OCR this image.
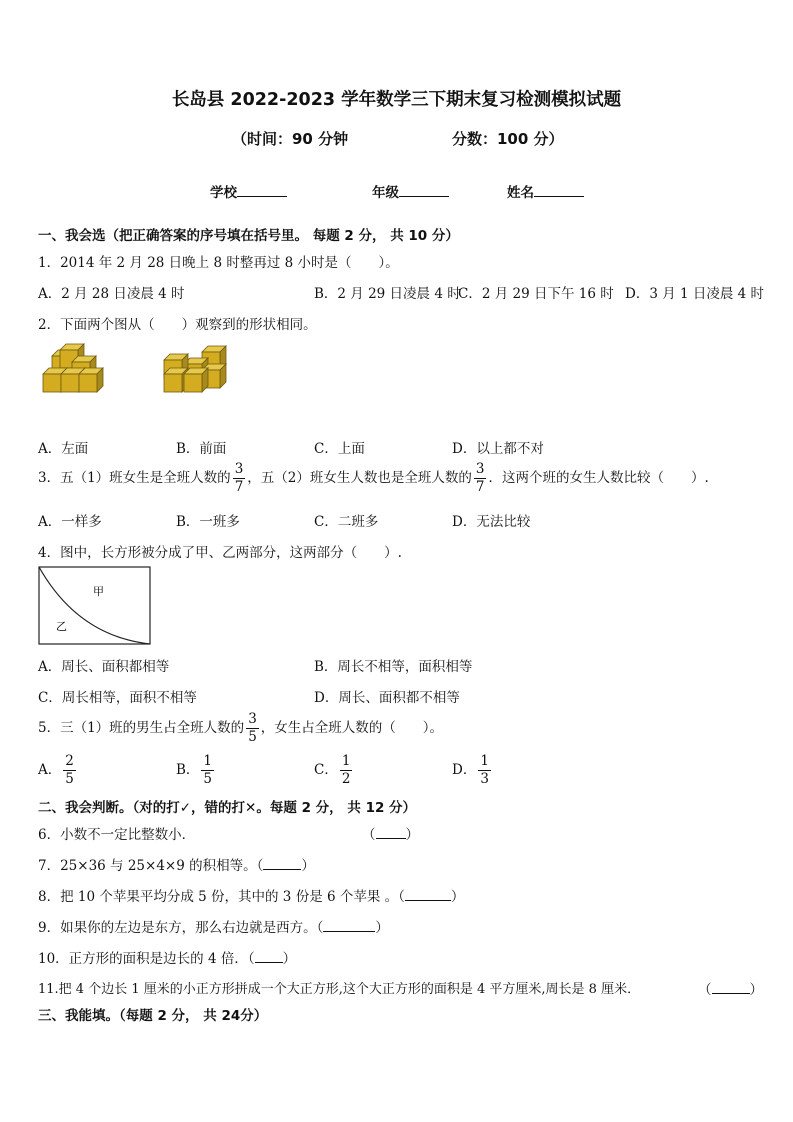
长岛县 2022-2023 学年数学三下期末复习检测模拟试题
（时间：90 分钟	分数：100 分）
学校	年级	姓名
一、我会选（把正确答案的序号填在括号里。 每题 2 分， 共 10 分）
1．2014 年 2 月 28 日晚上 8 时整再过 8 小时是（　　）。
A．2 月 28 日凌晨 4 时	B．2 月 29 日凌晨 4 时
C．2 月 29 日下午 16 时 D．3 月 1 日凌晨 4 时
2．下面两个图从（　　）观察到的形状相同。
A．左面	B．前面	C．上面	D．以上都不对
3．五（1）班女生是全班人数的 $\frac{3}{7}$ ，五（2）班女生人数也是全班人数的 $\frac{3}{7}$ ．这两个班的女生人数比较（　　）.
A．一样多	B．一班多	C．二班多	D．无法比较
4．图中，长方形被分成了甲、乙两部分，这两部分（　　）.
甲
乙
A．周长、面积都相等	B．周长不相等，面积相等
C．周长相等，面积不相等	D．周长、面积都不相等
5．三（1）班的男生占全班人数的 $\frac{3}{5}$ ，女生占全班人数的（　　）。
A． $\frac{2}{5}$	B． $\frac{1}{5}$	C． $\frac{1}{2}$	D． $\frac{1}{3}$
二、我会判断。（对的打✓，错的打✕。每题 2 分， 共 12 分）
6．小数不一定比整数小．	（ ）
7．25×36 与 25×4×9 的积相等。（	）
8．把 10 个苹果平均分成 5 份，其中的 3 份是 6 个苹果 。（	）
9．如果你的左边是东方，那么右边就是西方。（	）
10．正方形的面积是边长的 4 倍．（ ）
11.把 4 个边长 1 厘米的小正方形拼成一个大正方形,这个大正方形的面积是 4 平方厘米,周长是 8 厘米．	（	）
三、我能填。（每题 2 分， 共 24分）
